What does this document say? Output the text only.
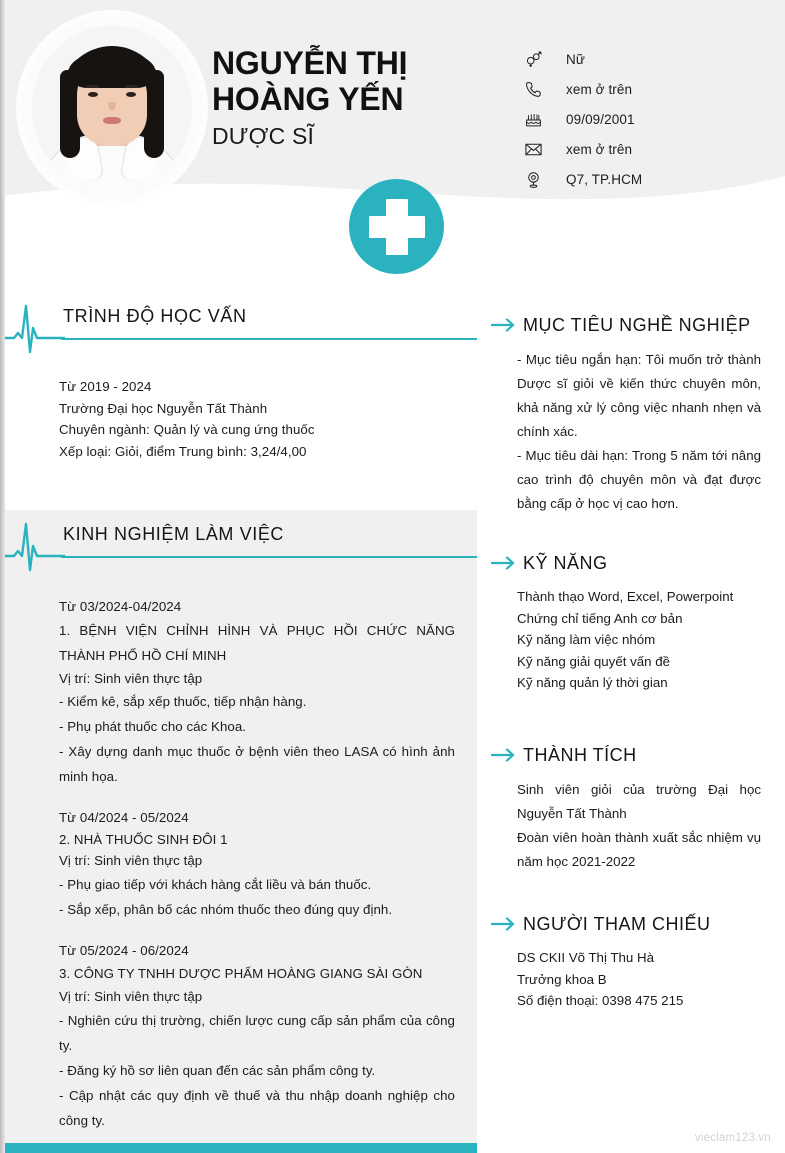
NGUYỄN THỊ
HOÀNG YẾN
DƯỢC SĨ
Nữ
xem ở trên
09/09/2001
xem ở trên
Q7, TP.HCM
TRÌNH ĐỘ HỌC VẤN
Từ 2019 - 2024
Trường Đại học Nguyễn Tất Thành
Chuyên ngành: Quản lý và cung ứng thuốc
Xếp loại: Giỏi, điểm Trung bình: 3,24/4,00
KINH NGHIỆM LÀM VIỆC
Từ 03/2024-04/2024
1. BỆNH VIỆN CHỈNH HÌNH VÀ PHỤC HỒI CHỨC NĂNG THÀNH PHỐ HỒ CHÍ MINH
Vị trí: Sinh viên thực tập
- Kiểm kê, sắp xếp thuốc, tiếp nhận hàng.
- Phụ phát thuốc cho các Khoa.
- Xây dựng danh mục thuốc ở bệnh viên theo LASA có hình ảnh minh họa.
Từ 04/2024 - 05/2024
2. NHÀ THUỐC SINH ĐÔI 1
Vị trí: Sinh viên thực tập
- Phụ giao tiếp với khách hàng cắt liều và bán thuốc.
- Sắp xếp, phân bố các nhóm thuốc theo đúng quy định.
Từ 05/2024 - 06/2024
3. CÔNG TY TNHH DƯỢC PHẨM HOÀNG GIANG SÀI GÒN
Vị trí: Sinh viên thực tập
- Nghiên cứu thị trường, chiến lược cung cấp sản phẩm của công ty.
- Đăng ký hồ sơ liên quan đến các sản phẩm công ty.
- Cập nhật các quy định về thuế và thu nhập doanh nghiệp cho công ty.
MỤC TIÊU NGHỀ NGHIỆP
- Mục tiêu ngắn hạn: Tôi muốn trở thành Dược sĩ giỏi về kiến thức chuyên môn, khả năng xử lý công việc nhanh nhẹn và chính xác.
- Mục tiêu dài hạn: Trong 5 năm tới nâng cao trình độ chuyên môn và đạt được bằng cấp ở học vị cao hơn.
KỸ NĂNG
Thành thạo Word, Excel, Powerpoint
Chứng chỉ tiếng Anh cơ bản
Kỹ năng làm việc nhóm
Kỹ năng giải quyết vấn đề
Kỹ năng quản lý thời gian
THÀNH TÍCH
Sinh viên giỏi của trường Đại học Nguyễn Tất Thành
Đoàn viên hoàn thành xuất sắc nhiệm vụ năm học 2021-2022
NGƯỜI THAM CHIẾU
DS CKII Võ Thị Thu Hà
Trưởng khoa B
Số điện thoại: 0398 475 215
vieclam123.vn
